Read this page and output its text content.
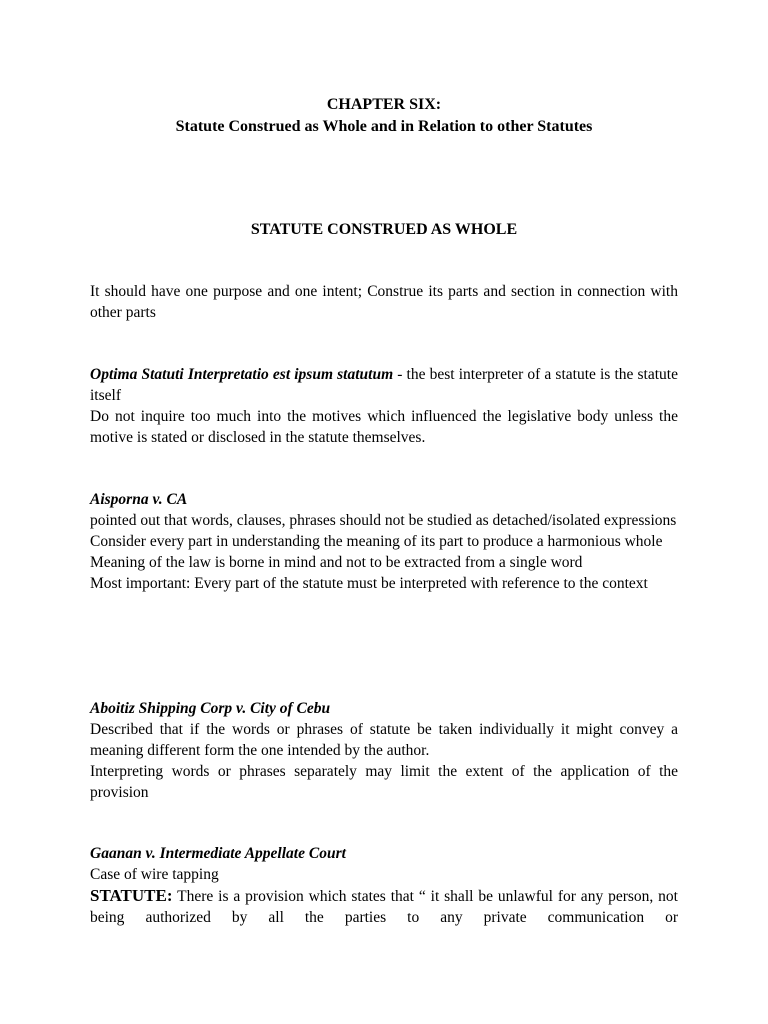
CHAPTER SIX:
Statute Construed as Whole and in Relation to other Statutes
STATUTE CONSTRUED AS WHOLE

It should have one purpose and one intent; Construe its parts and section in connection with other parts

Optima Statuti Interpretatio est ipsum statutum - the best interpreter of a statute is the statute itself

Do not inquire too much into the motives which influenced the legislative body unless the motive is stated or disclosed in the statute themselves.

Aisporna v. CA

pointed out that words, clauses, phrases should not be studied as detached/isolated expressions

Consider every part in understanding the meaning of its part to produce a harmonious whole

Meaning of the law is borne in mind and not to be extracted from a single word

Most important: Every part of the statute must be interpreted with reference to the context

Aboitiz Shipping Corp v. City of Cebu

Described that if the words or phrases of statute be taken individually it might convey a meaning different form the one intended by the author.

Interpreting words or phrases separately may limit the extent of the application of the provision

Gaanan v. Intermediate Appellate Court

Case of wire tapping

STATUTE: There is a provision which states that “ it shall be unlawful for any person, not being authorized by all the parties to any private communication or
